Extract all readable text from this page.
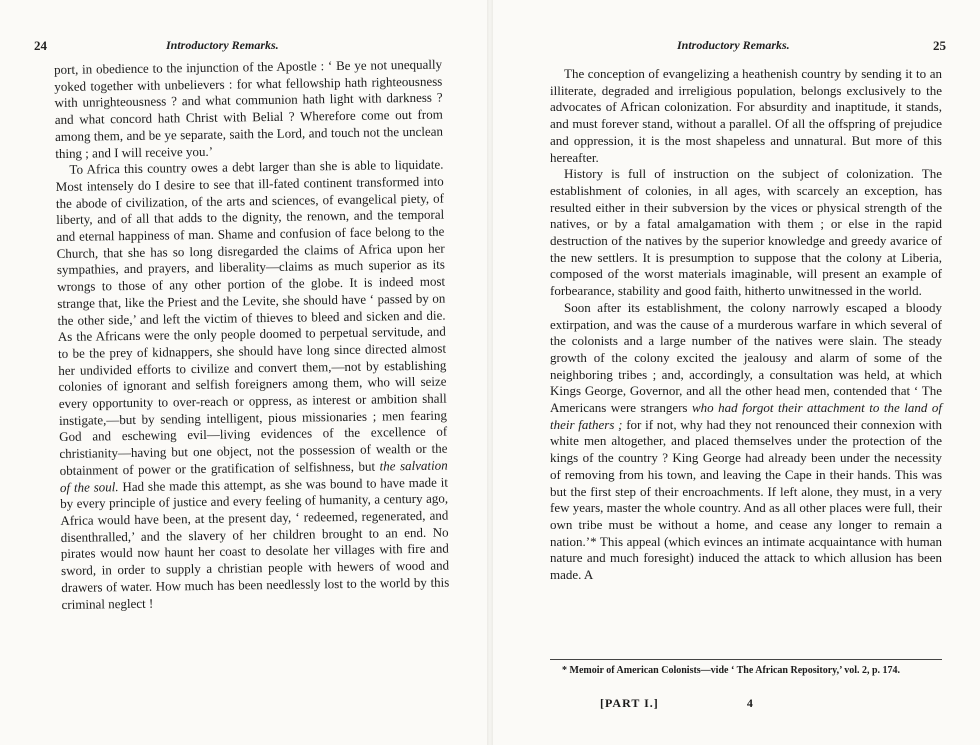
24	Introductory Remarks.

port, in obedience to the injunction of the Apostle : ‘ Be ye not unequally yoked together with unbelievers : for what fellowship hath righteousness with unrighteousness ? and what communion hath light with darkness ? and what concord hath Christ with Belial ? Wherefore come out from among them, and be ye separate, saith the Lord, and touch not the unclean thing ; and I will receive you.’

To Africa this country owes a debt larger than she is able to liquidate. Most intensely do I desire to see that ill-fated continent transformed into the abode of civilization, of the arts and sciences, of evangelical piety, of liberty, and of all that adds to the dignity, the renown, and the temporal and eternal happiness of man. Shame and confusion of face belong to the Church, that she has so long disregarded the claims of Africa upon her sympathies, and prayers, and liberality—claims as much superior as its wrongs to those of any other portion of the globe. It is indeed most strange that, like the Priest and the Levite, she should have ‘ passed by on the other side,’ and left the victim of thieves to bleed and sicken and die. As the Africans were the only people doomed to perpetual servitude, and to be the prey of kidnappers, she should have long since directed almost her undivided efforts to civilize and convert them,—not by establishing colonies of ignorant and selfish foreigners among them, who will seize every opportunity to over-reach or oppress, as interest or ambition shall instigate,—but by sending intelligent, pious missionaries ; men fearing God and eschewing evil—living evidences of the excellence of christianity—having but one object, not the possession of wealth or the obtainment of power or the gratification of selfishness, but the salvation of the soul. Had she made this attempt, as she was bound to have made it by every principle of justice and every feeling of humanity, a century ago, Africa would have been, at the present day, ‘ redeemed, regenerated, and disenthralled,’ and the slavery of her children brought to an end. No pirates would now haunt her coast to desolate her villages with fire and sword, in order to supply a christian people with hewers of wood and drawers of water. How much has been needlessly lost to the world by this criminal neglect !

Introductory Remarks.	25

The conception of evangelizing a heathenish country by sending it to an illiterate, degraded and irreligious population, belongs exclusively to the advocates of African colonization. For absurdity and inaptitude, it stands, and must forever stand, without a parallel. Of all the offspring of prejudice and oppression, it is the most shapeless and unnatural. But more of this hereafter.

History is full of instruction on the subject of colonization. The establishment of colonies, in all ages, with scarcely an exception, has resulted either in their subversion by the vices or physical strength of the natives, or by a fatal amalgamation with them ; or else in the rapid destruction of the natives by the superior knowledge and greedy avarice of the new settlers. It is presumption to suppose that the colony at Liberia, composed of the worst materials imaginable, will present an example of forbearance, stability and good faith, hitherto unwitnessed in the world.

Soon after its establishment, the colony narrowly escaped a bloody extirpation, and was the cause of a murderous warfare in which several of the colonists and a large number of the natives were slain. The steady growth of the colony excited the jealousy and alarm of some of the neighboring tribes ; and, accordingly, a consultation was held, at which Kings George, Governor, and all the other head men, contended that ‘ The Americans were strangers who had forgot their attachment to the land of their fathers ; for if not, why had they not renounced their connexion with white men altogether, and placed themselves under the protection of the kings of the country ? King George had already been under the necessity of removing from his town, and leaving the Cape in their hands. This was but the first step of their encroachments. If left alone, they must, in a very few years, master the whole country. And as all other places were full, their own tribe must be without a home, and cease any longer to remain a nation.’* This appeal (which evinces an intimate acquaintance with human nature and much foresight) induced the attack to which allusion has been made. A

* Memoir of American Colonists—vide ‘ The African Repository,’ vol. 2, p. 174.
[PART I.]	4
